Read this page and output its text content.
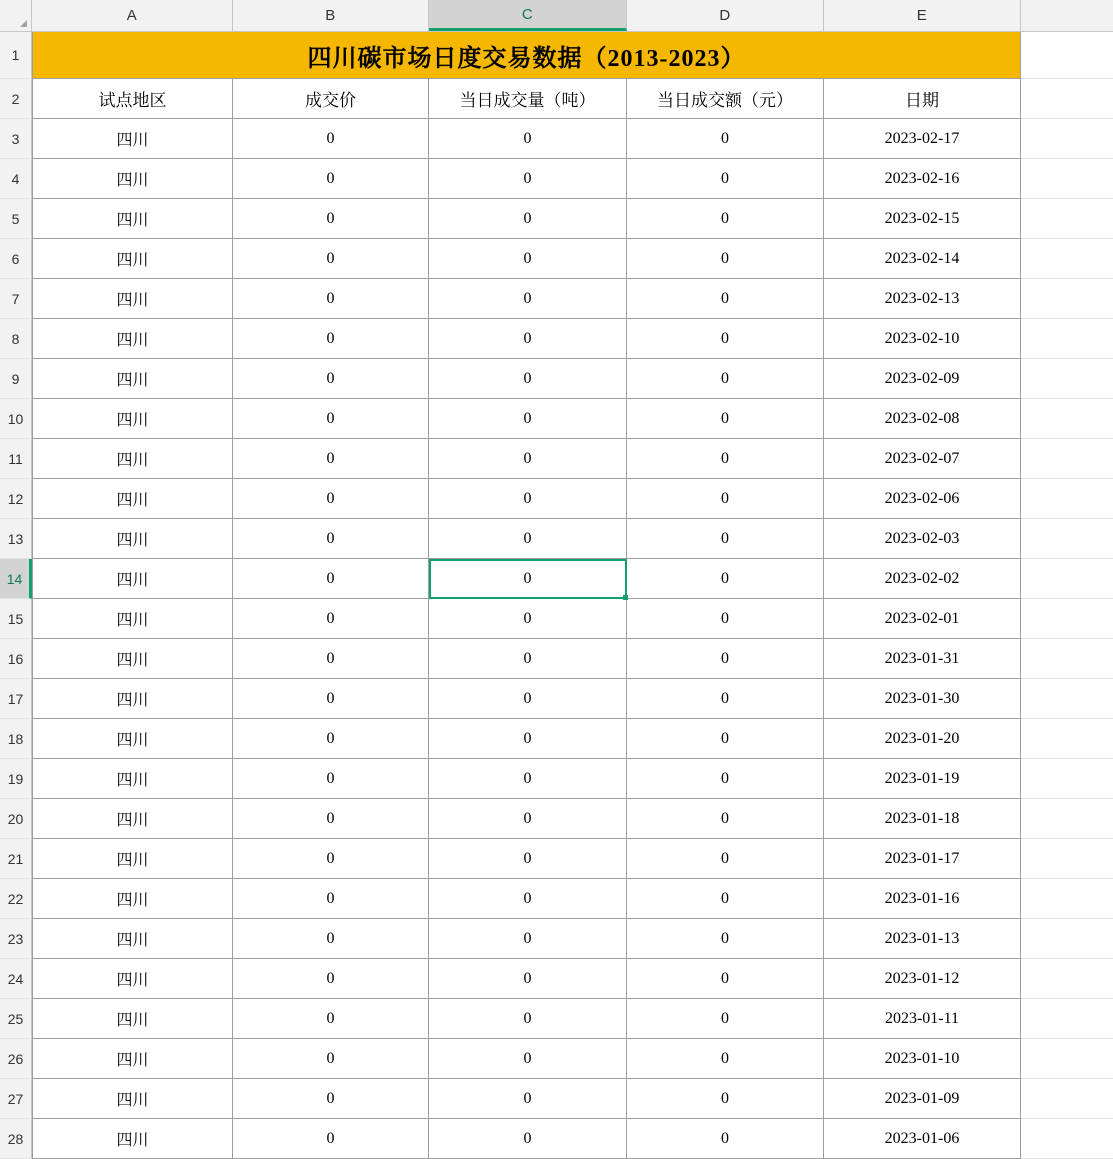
A	B	C	D	E
1	四川碳市场日度交易数据（2013-2023）
2	试点地区	成交价	当日成交量（吨）	当日成交额（元）	日期
3	四川	0	0	0	2023-02-17
4	四川	0	0	0	2023-02-16
5	四川	0	0	0	2023-02-15
6	四川	0	0	0	2023-02-14
7	四川	0	0	0	2023-02-13
8	四川	0	0	0	2023-02-10
9	四川	0	0	0	2023-02-09
10	四川	0	0	0	2023-02-08
11	四川	0	0	0	2023-02-07
12	四川	0	0	0	2023-02-06
13	四川	0	0	0	2023-02-03
14	四川	0	0	0	2023-02-02
15	四川	0	0	0	2023-02-01
16	四川	0	0	0	2023-01-31
17	四川	0	0	0	2023-01-30
18	四川	0	0	0	2023-01-20
19	四川	0	0	0	2023-01-19
20	四川	0	0	0	2023-01-18
21	四川	0	0	0	2023-01-17
22	四川	0	0	0	2023-01-16
23	四川	0	0	0	2023-01-13
24	四川	0	0	0	2023-01-12
25	四川	0	0	0	2023-01-11
26	四川	0	0	0	2023-01-10
27	四川	0	0	0	2023-01-09
28	四川	0	0	0	2023-01-06
